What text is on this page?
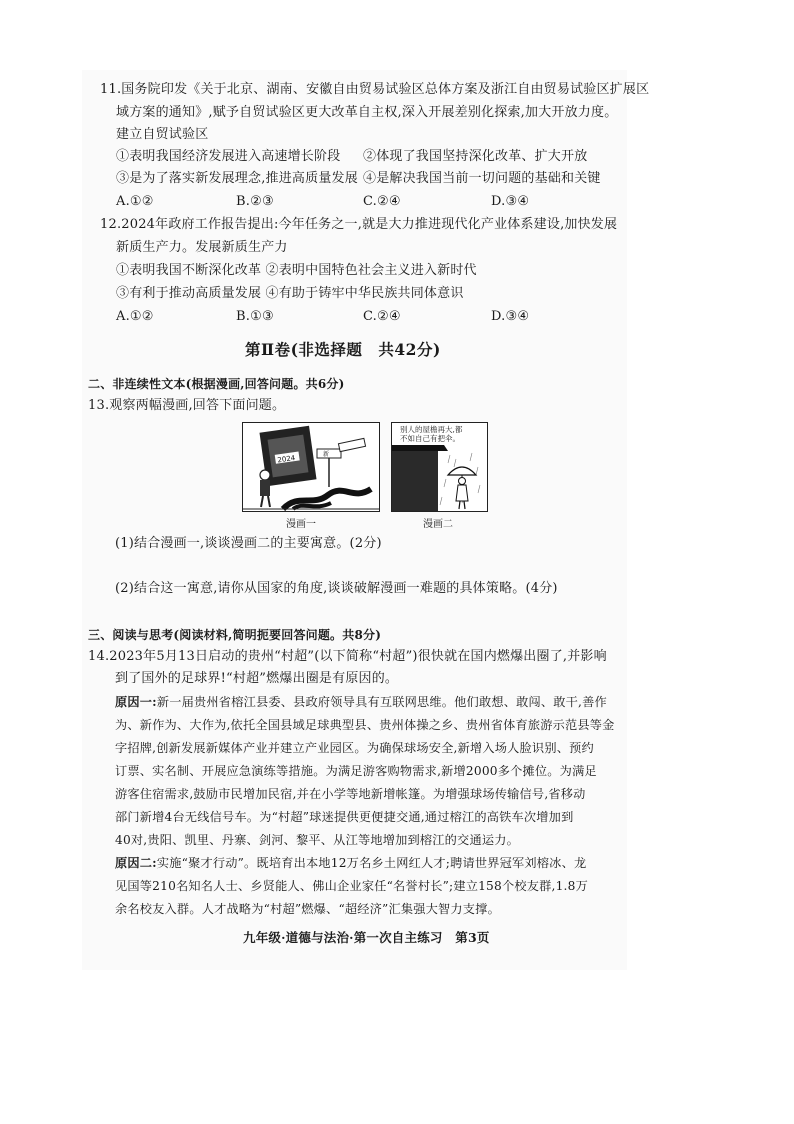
11.国务院印发《关于北京、湖南、安徽自由贸易试验区总体方案及浙江自由贸易试验区扩展区
域方案的通知》,赋予自贸试验区更大改革自主权,深入开展差别化探索,加大开放力度。
建立自贸试验区
①表明我国经济发展进入高速增长阶段 ②体现了我国坚持深化改革、扩大开放
③是为了落实新发展理念,推进高质量发展 ④是解决我国当前一切问题的基础和关键
A.①②	B.②③	C.②④	D.③④
12.2024年政府工作报告提出:今年任务之一,就是大力推进现代化产业体系建设,加快发展
新质生产力。发展新质生产力
①表明我国不断深化改革 ②表明中国特色社会主义进入新时代
③有利于推动高质量发展 ④有助于铸牢中华民族共同体意识
A.①②	B.①③	C.②④	D.③④
第Ⅱ卷(非选择题　共42分)
二、非连续性文本(根据漫画,回答问题。共6分)
13.观察两幅漫画,回答下面问题。
2024	新
漫画一
别人的屋檐再大,都
不如自己有把伞。
漫画二
(1)结合漫画一,谈谈漫画二的主要寓意。(2分)
(2)结合这一寓意,请你从国家的角度,谈谈破解漫画一难题的具体策略。(4分)
三、阅读与思考(阅读材料,简明扼要回答问题。共8分)
14.2023年5月13日启动的贵州“村超”(以下简称“村超”)很快就在国内燃爆出圈了,并影响
到了国外的足球界!“村超”燃爆出圈是有原因的。
原因一:新一届贵州省榕江县委、县政府领导具有互联网思维。他们敢想、敢闯、敢干,善作
为、新作为、大作为,依托全国县域足球典型县、贵州体操之乡、贵州省体育旅游示范县等金
字招牌,创新发展新媒体产业并建立产业园区。为确保球场安全,新增入场人脸识别、预约
订票、实名制、开展应急演练等措施。为满足游客购物需求,新增2000多个摊位。为满足
游客住宿需求,鼓励市民增加民宿,并在小学等地新增帐篷。为增强球场传输信号,省移动
部门新增4台无线信号车。为“村超”球迷提供更便捷交通,通过榕江的高铁车次增加到
40对,贵阳、凯里、丹寨、剑河、黎平、从江等地增加到榕江的交通运力。
原因二:实施“聚才行动”。既培育出本地12万名乡土网红人才;聘请世界冠军刘榕冰、龙
见国等210名知名人士、乡贤能人、佛山企业家任“名誉村长”;建立158个校友群,1.8万
余名校友入群。人才战略为“村超”燃爆、“超经济”汇集强大智力支撑。
九年级·道德与法治·第一次自主练习　第3页
